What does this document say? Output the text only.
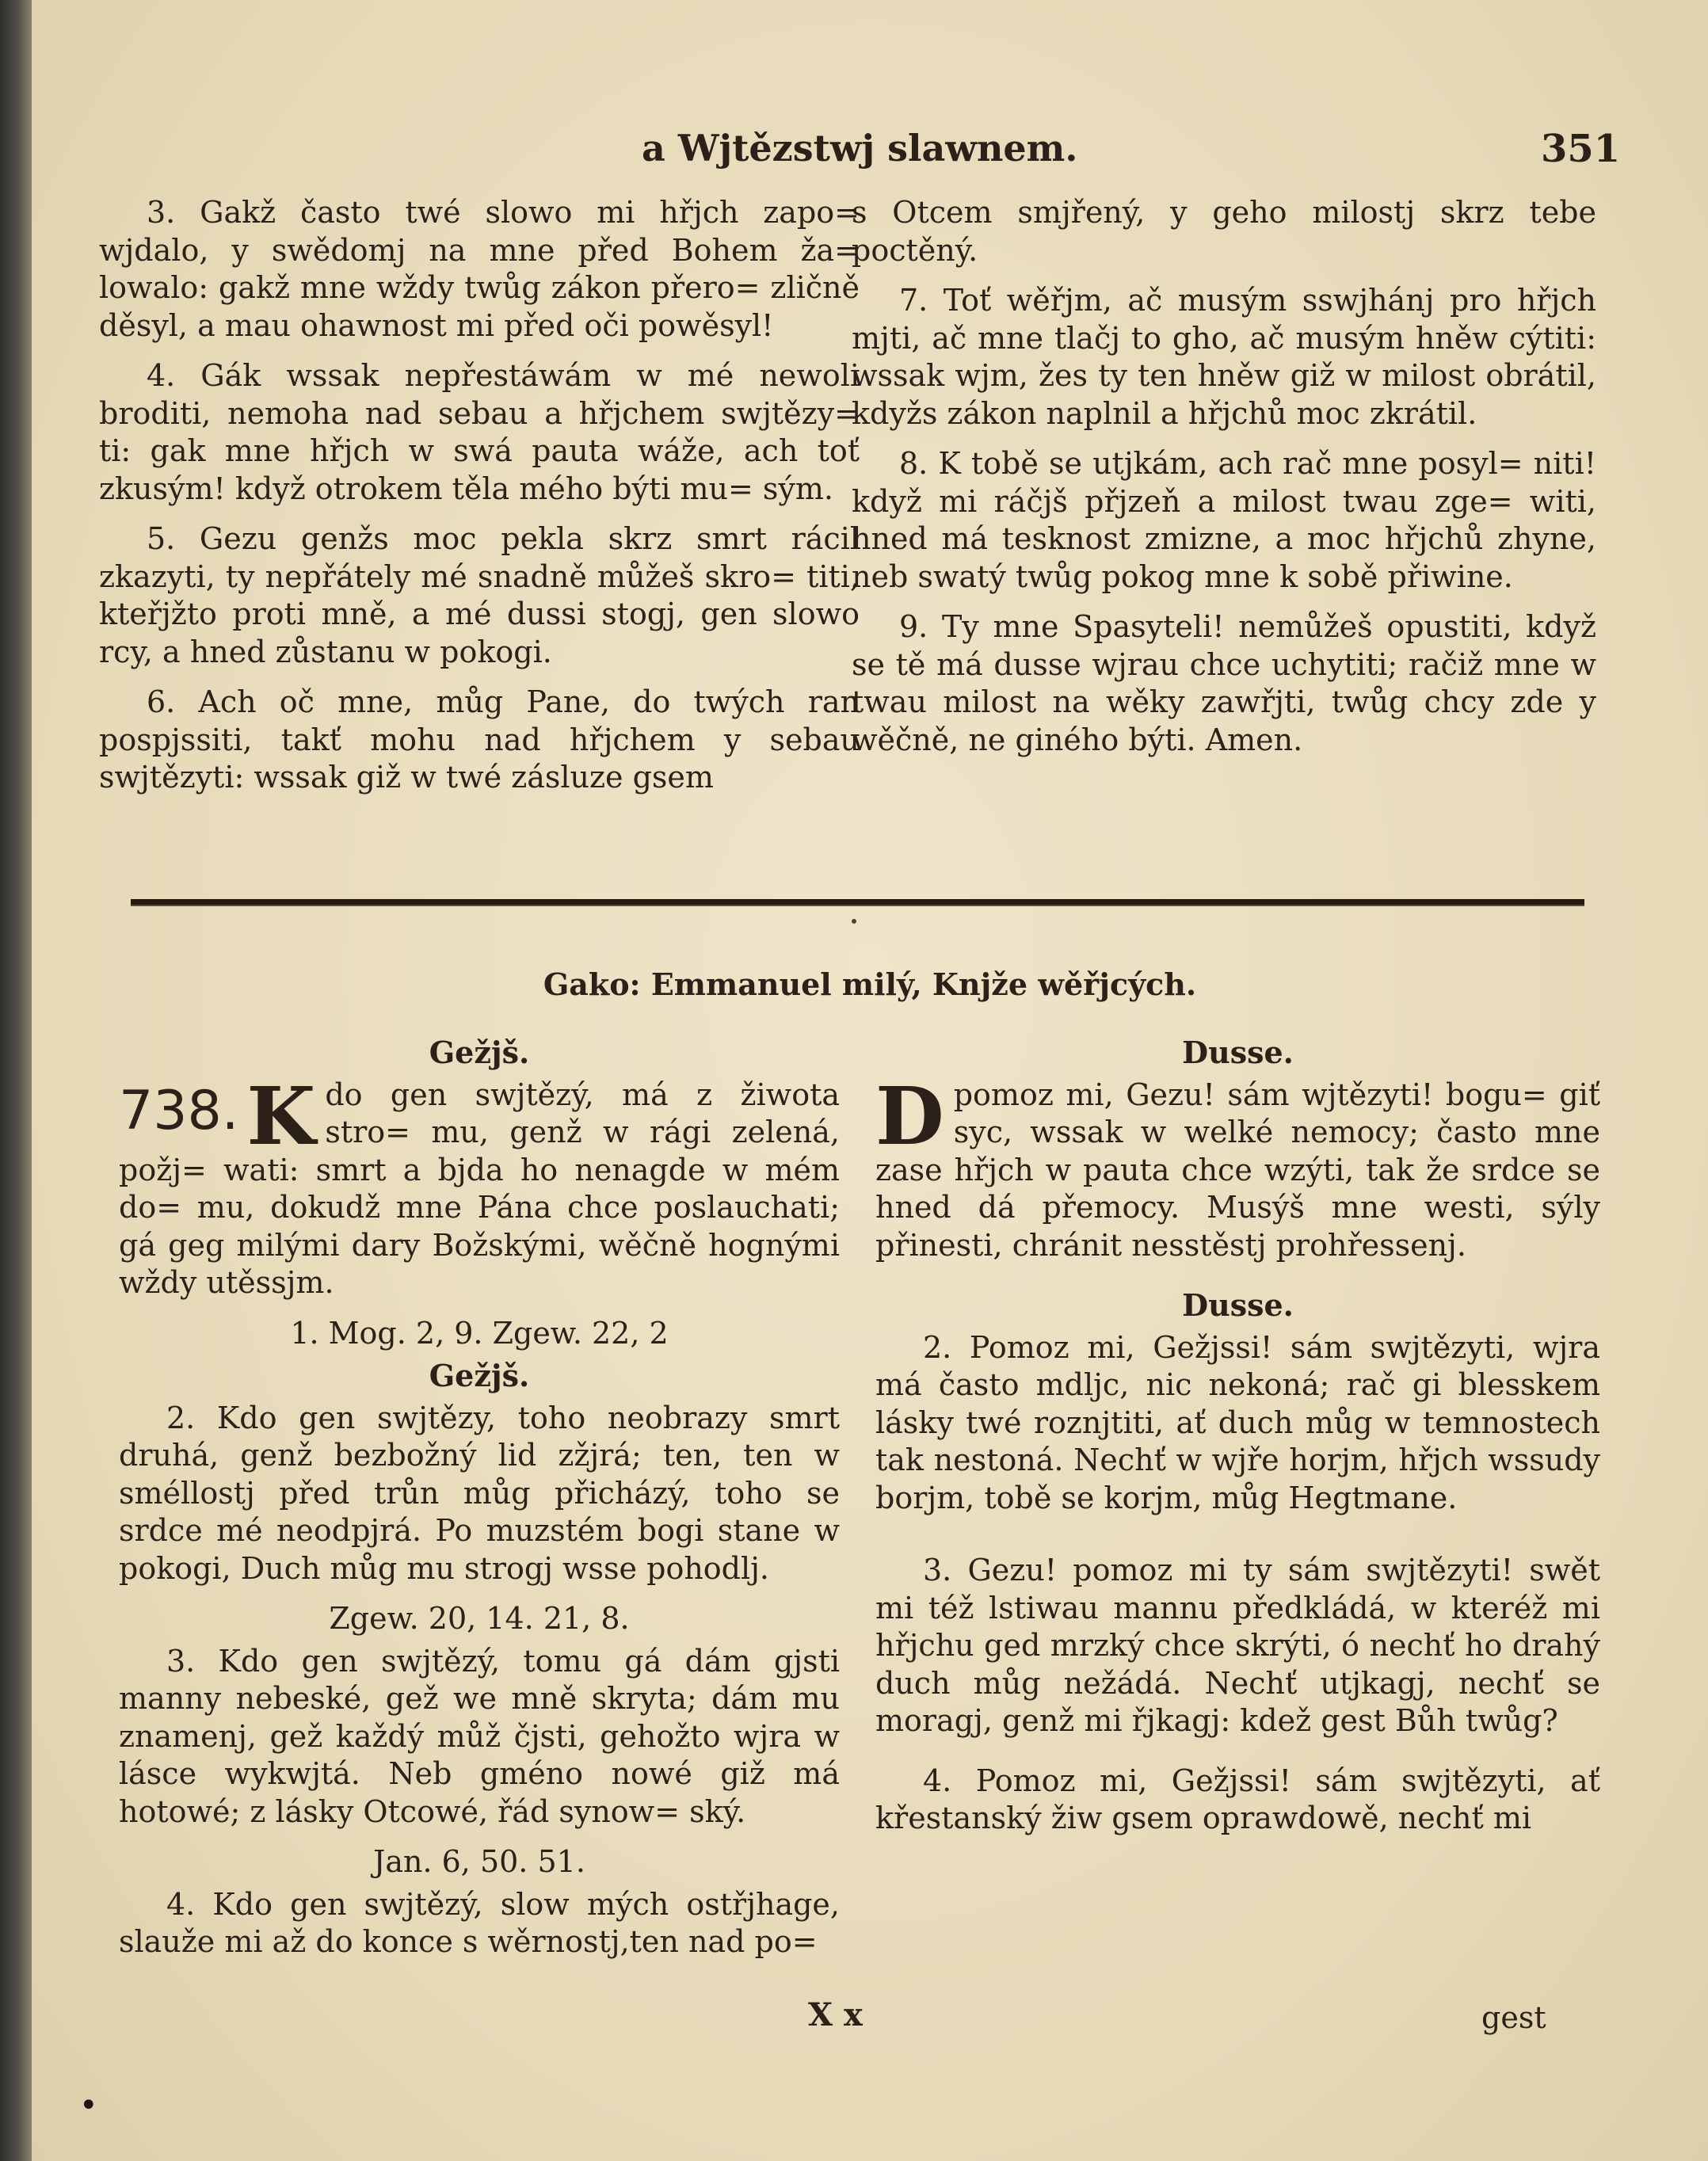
a Wjtězstwj slawnem.	351

3. Gakž často twé slowo mi hřjch zapo= wjdalo, y swědomj na mne před Bohem ža= lowalo: gakž mne wždy twůg zákon přero= zličně děsyl, a mau ohawnost mi před oči powěsyl!

4. Gák wssak nepřestáwám w mé newoli broditi, nemoha nad sebau a hřjchem swjtězy= ti: gak mne hřjch w swá pauta wáže, ach toť zkusým! když otrokem těla mého býti mu= sým.

5. Gezu genžs moc pekla skrz smrt rácil zkazyti, ty nepřátely mé snadně můžeš skro= titi, kteřjžto proti mně, a mé dussi stogj, gen slowo rcy, a hned zůstanu w pokogi.

6. Ach oč mne, můg Pane, do twých ran pospjssiti, takť mohu nad hřjchem y sebau swjtězyti: wssak giž w twé zásluze gsem

s Otcem smjřený, y geho milostj skrz tebe poctěný.

7. Toť wěřjm, ač musým sswjhánj pro hřjch mjti, ač mne tlačj to gho, ač musým hněw cýtiti: wssak wjm, žes ty ten hněw giž w milost obrátil, kdyžs zákon naplnil a hřjchů moc zkrátil.

8. K tobě se utjkám, ach rač mne posyl= niti! když mi ráčjš přjzeň a milost twau zge= witi, hned má tesknost zmizne, a moc hřjchů zhyne, neb swatý twůg pokog mne k sobě přiwine.

9. Ty mne Spasyteli! nemůžeš opustiti, když se tě má dusse wjrau chce uchytiti; račiž mne w twau milost na wěky zawřjti, twůg chcy zde y wěčně, ne giného býti. Amen.

Gako: Emmanuel milý, Knjže wěřjcých.
Gežjš.

738. K do gen swjtězý, má z žiwota stro= mu, genž w rági zelená, požj= wati: smrt a bjda ho nenagde w mém do= mu, dokudž mne Pána chce poslauchati; gá geg milými dary Božskými, wěčně hognými wždy utěssjm.

1. Mog. 2, 9. Zgew. 22, 2
Gežjš.

2. Kdo gen swjtězy, toho neobrazy smrt druhá, genž bezbožný lid zžjrá; ten, ten w sméllostj před trůn můg přicházý, toho se srdce mé neodpjrá. Po muzstém bogi stane w pokogi, Duch můg mu strogj wsse pohodlj.

Zgew. 20, 14. 21, 8.

3. Kdo gen swjtězý, tomu gá dám gjsti manny nebeské, gež we mně skryta; dám mu znamenj, gež každý můž čjsti, gehožto wjra w lásce wykwjtá. Neb gméno nowé giž má hotowé; z lásky Otcowé, řád synow= ský.

Jan. 6, 50. 51.

4. Kdo gen swjtězý, slow mých ostřjhage, slauže mi až do konce s wěrnostj,ten nad po=

Dusse.

D pomoz mi, Gezu! sám wjtězyti! bogu= giť syc, wssak w welké nemocy; často mne zase hřjch w pauta chce wzýti, tak že srdce se hned dá přemocy. Musýš mne westi, sýly přinesti, chránit nesstěstj prohřessenj.

Dusse.

2. Pomoz mi, Gežjssi! sám swjtězyti, wjra má často mdljc, nic nekoná; rač gi blesskem lásky twé roznjtiti, ať duch můg w temnostech tak nestoná. Nechť w wjře horjm, hřjch wssudy borjm, tobě se korjm, můg Hegtmane.

3. Gezu! pomoz mi ty sám swjtězyti! swět mi též lstiwau mannu předkládá, w kteréž mi hřjchu ged mrzký chce skrýti, ó nechť ho drahý duch můg nežádá. Nechť utjkagj, nechť se moragj, genž mi řjkagj: kdež gest Bůh twůg?

4. Pomoz mi, Gežjssi! sám swjtězyti, ať křestanský žiw gsem oprawdowě, nechť mi

X x	gest
•
